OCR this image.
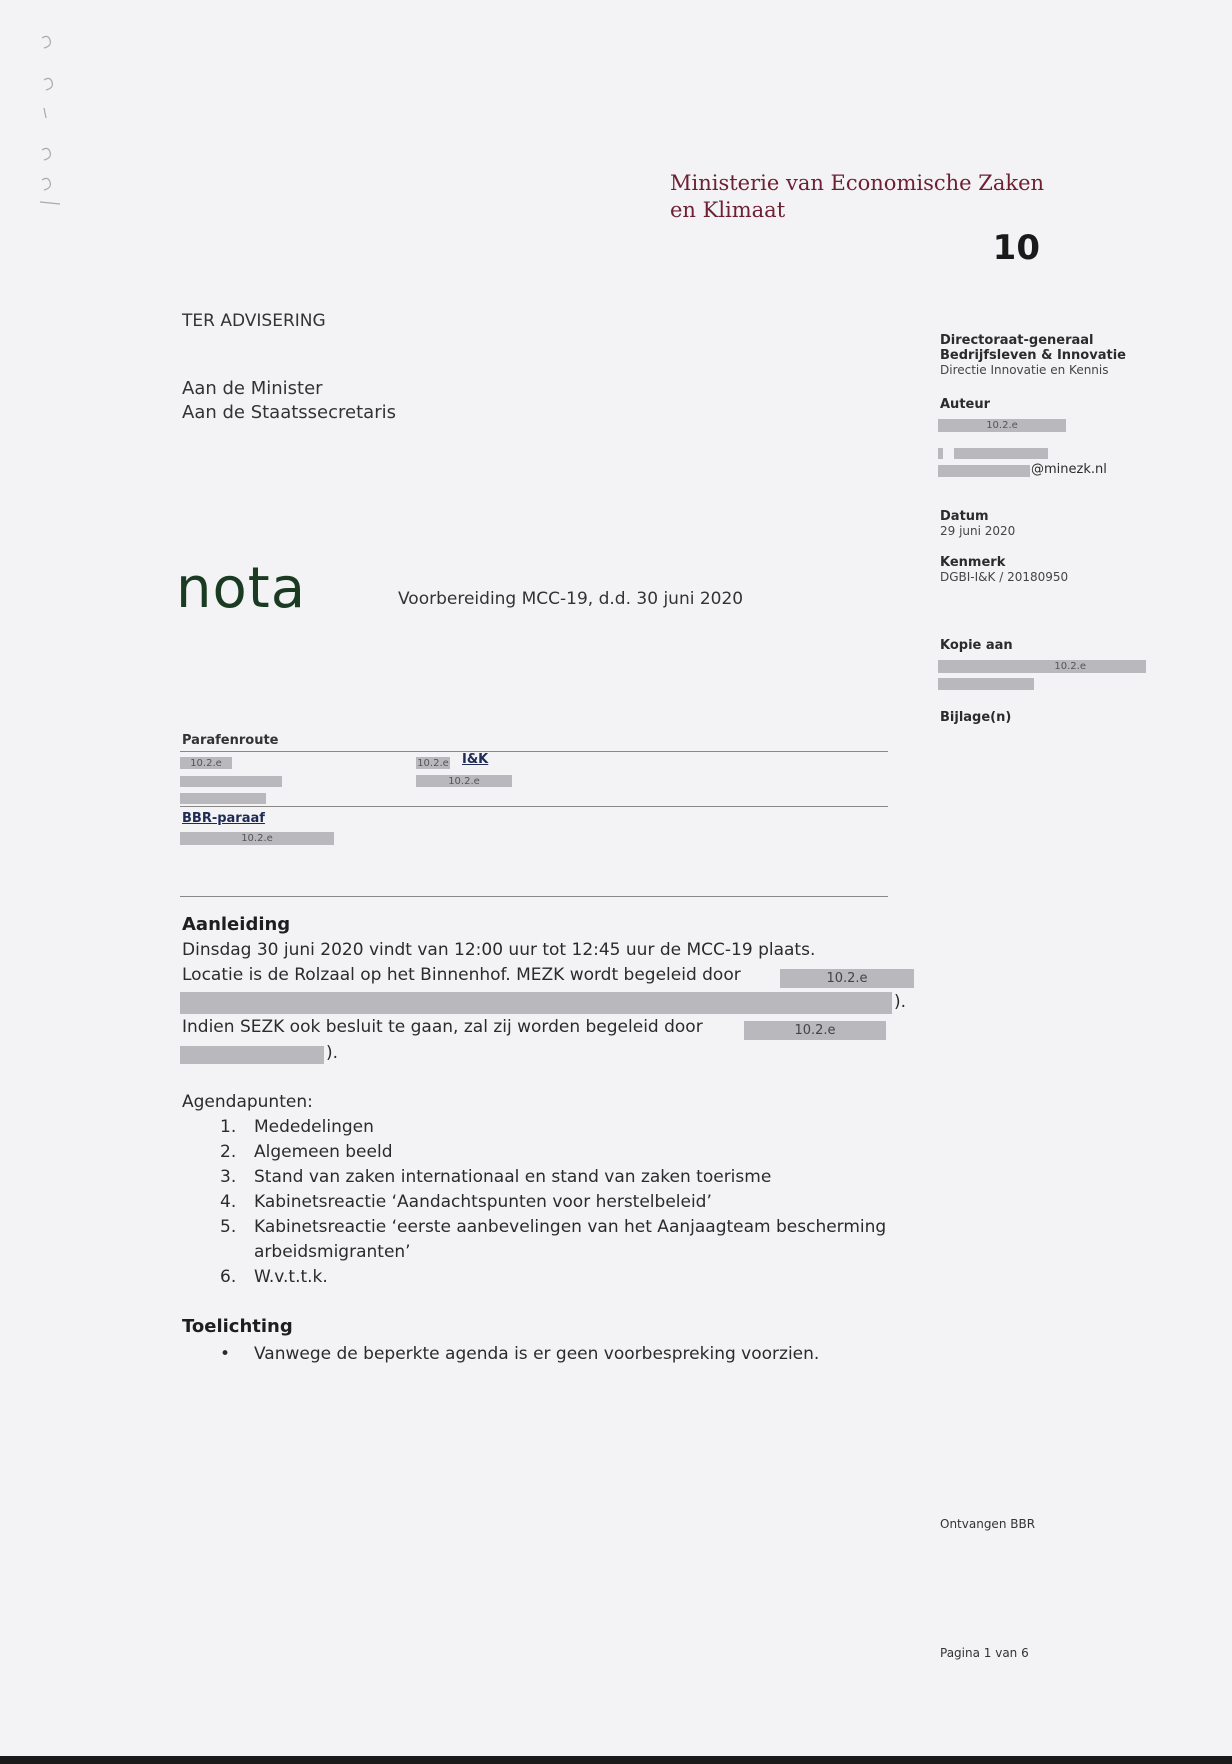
Ministerie van Economische Zaken
en Klimaat
10
TER ADVISERING
Aan de Minister
Aan de Staatssecretaris
nota	Voorbereiding MCC-19, d.d. 30 juni 2020
Directoraat-generaal
Bedrijfsleven & Innovatie
Directie Innovatie en Kennis
Auteur
10.2.e
@minezk.nl
Datum
29 juni 2020
Kenmerk
DGBI-I&K / 20180950
Kopie aan
10.2.e
Bijlage(n)
Parafenroute
10.2.e	10.2.e I&K
10.2.e
BBR-paraaf
10.2.e
Aanleiding
Dinsdag 30 juni 2020 vindt van 12:00 uur tot 12:45 uur de MCC-19 plaats.
Locatie is de Rolzaal op het Binnenhof. MEZK wordt begeleid door	10.2.e
).
Indien SEZK ook besluit te gaan, zal zij worden begeleid door	10.2.e
).
Agendapunten:
1. Mededelingen
2. Algemeen beeld
3. Stand van zaken internationaal en stand van zaken toerisme
4. Kabinetsreactie ‘Aandachtspunten voor herstelbeleid’
5. Kabinetsreactie ‘eerste aanbevelingen van het Aanjaagteam bescherming arbeidsmigranten’
6. W.v.t.t.k.
Toelichting
• Vanwege de beperkte agenda is er geen voorbespreking voorzien.
Ontvangen BBR
Pagina 1 van 6
